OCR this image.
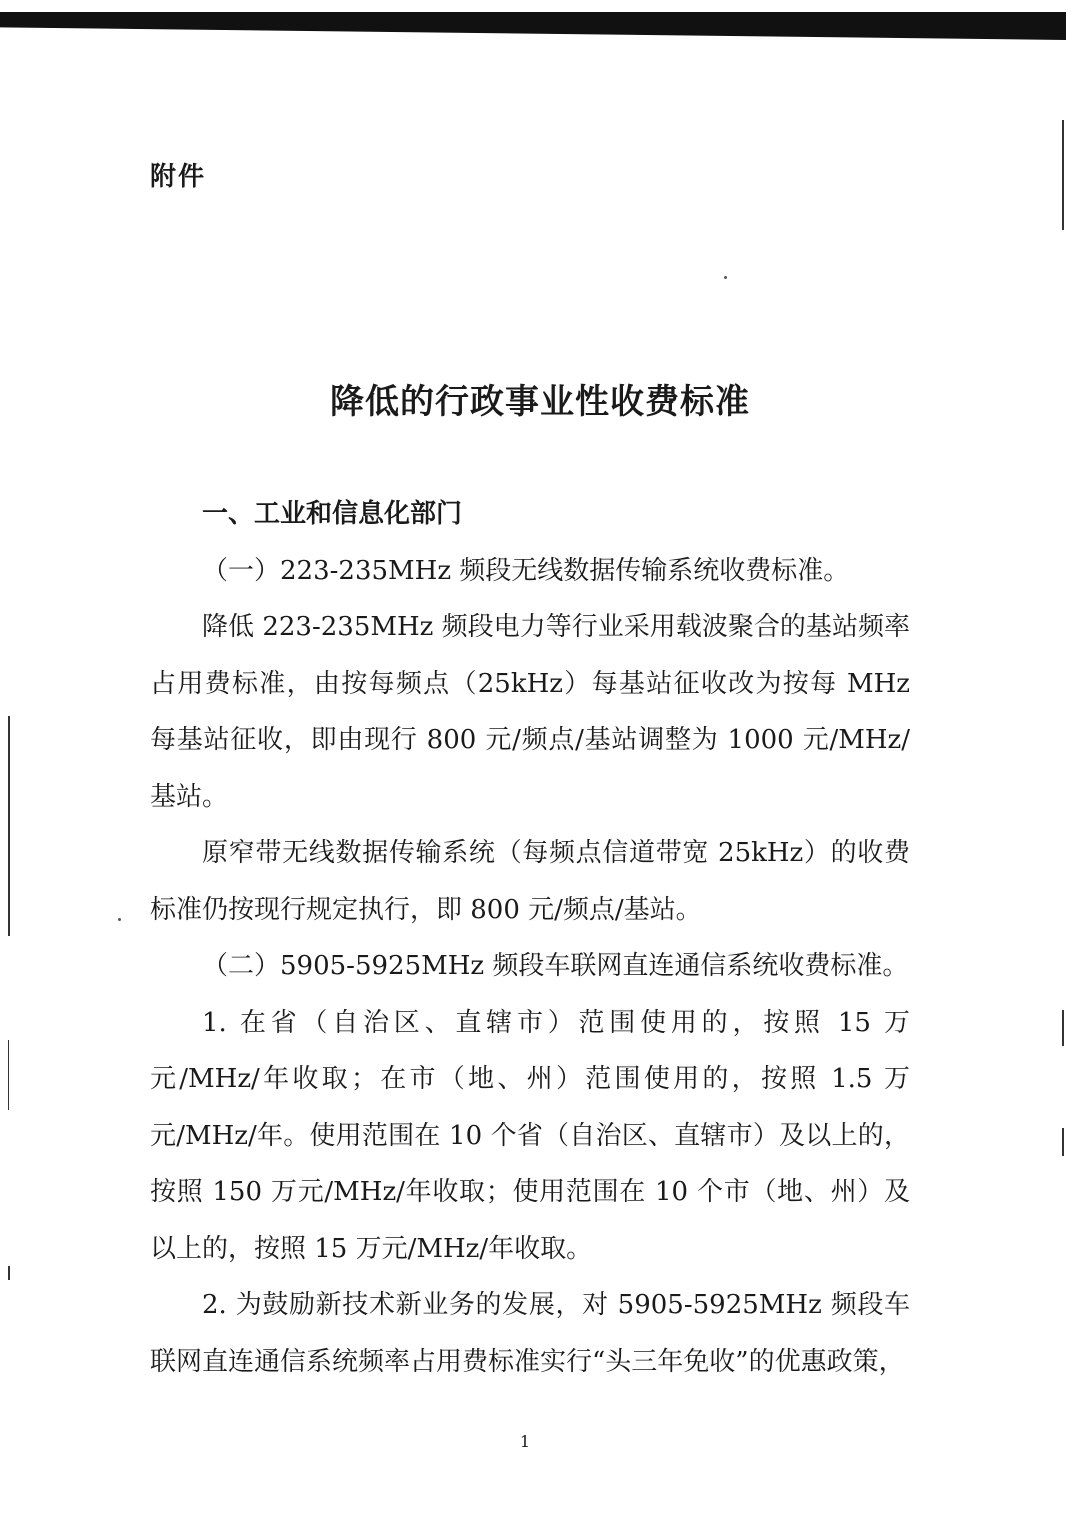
附件
降低的行政事业性收费标准

一、工业和信息化部门

（一）223-235MHz 频段无线数据传输系统收费标准。

降低 223-235MHz 频段电力等行业采用载波聚合的基站频率占用费标准，由按每频点（25kHz）每基站征收改为按每 MHz 每基站征收，即由现行 800 元/频点/基站调整为 1000 元/MHz/基站。

原窄带无线数据传输系统（每频点信道带宽 25kHz）的收费标准仍按现行规定执行，即 800 元/频点/基站。

（二）5905-5925MHz 频段车联网直连通信系统收费标准。

1. 在省（自治区、直辖市）范围使用的，按照 15 万元/MHz/年收取；在市（地、州）范围使用的，按照 1.5 万元/MHz/年。使用范围在 10 个省（自治区、直辖市）及以上的，按照 150 万元/MHz/年收取；使用范围在 10 个市（地、州）及以上的，按照 15 万元/MHz/年收取。

2. 为鼓励新技术新业务的发展，对 5905-5925MHz 频段车联网直连通信系统频率占用费标准实行“头三年免收”的优惠政策，

1
